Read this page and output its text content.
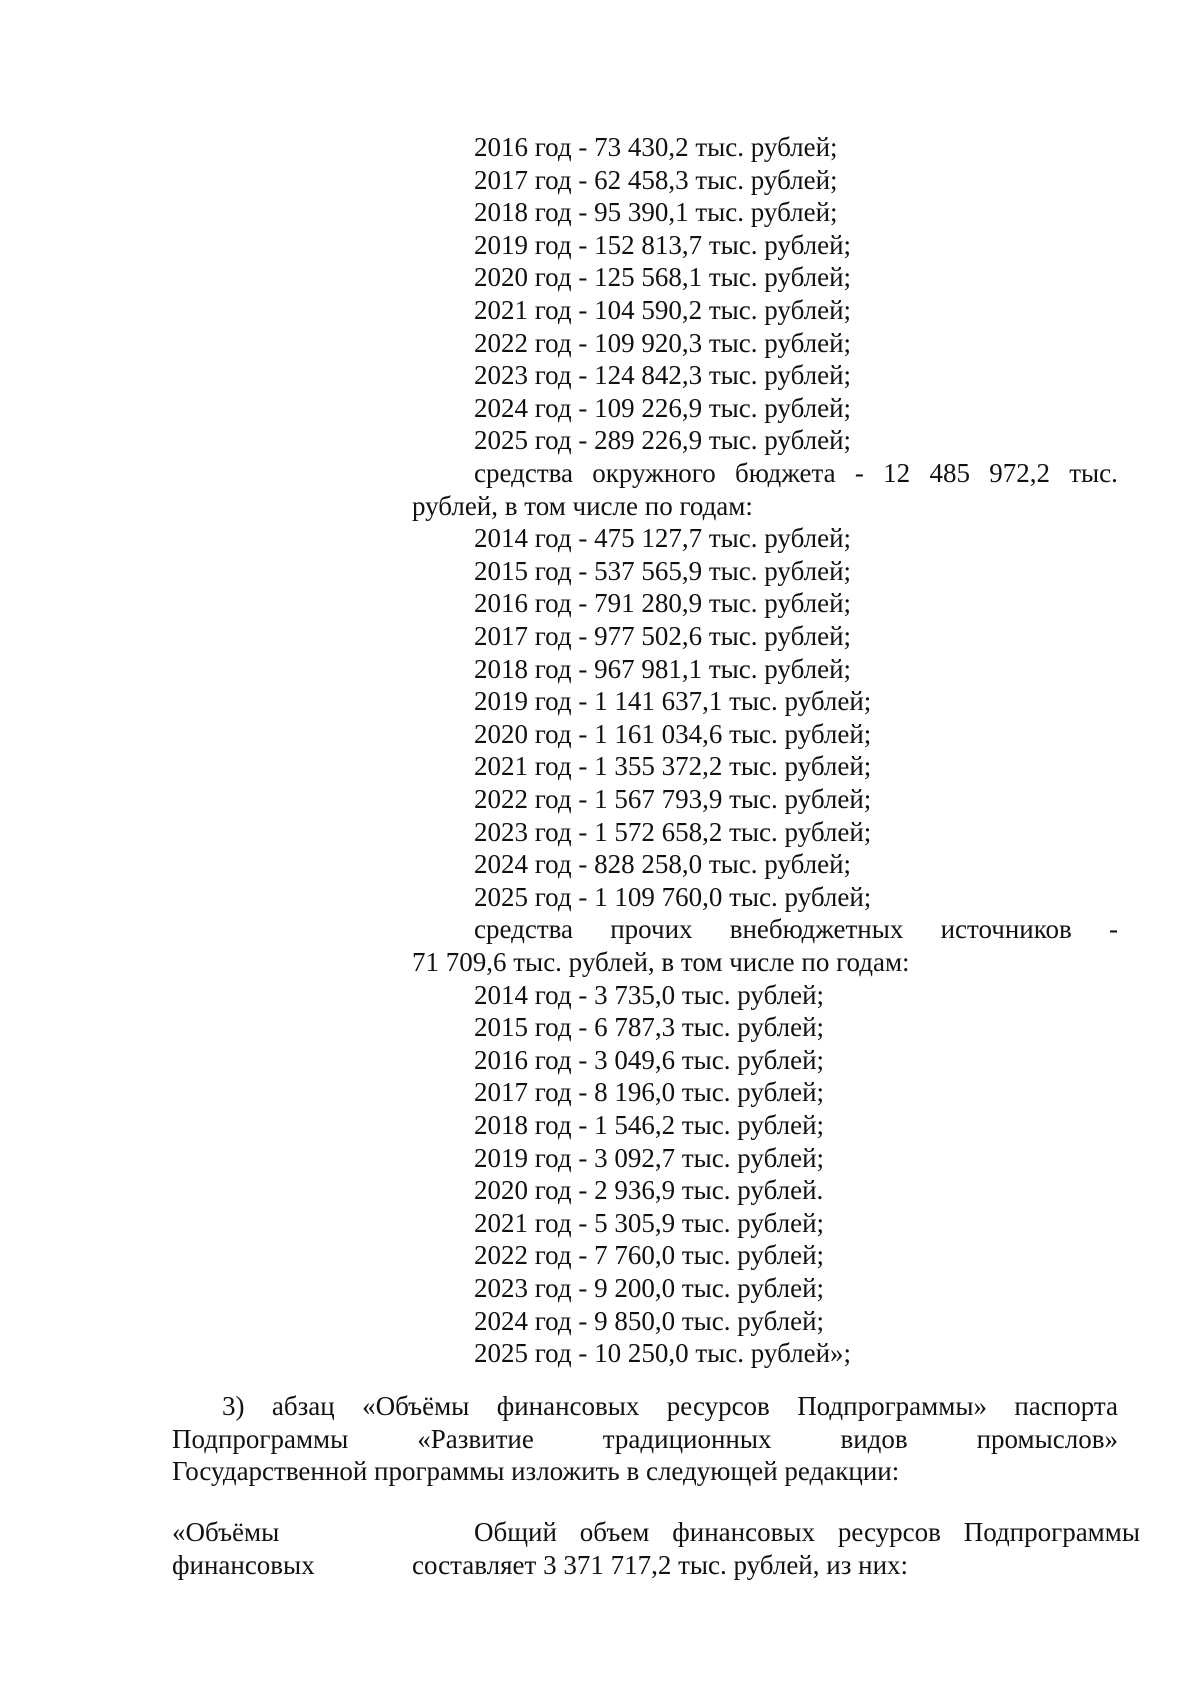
2016 год - 73 430,2 тыс. рублей;
2017 год - 62 458,3 тыс. рублей;
2018 год - 95 390,1 тыс. рублей;
2019 год - 152 813,7 тыс. рублей;
2020 год - 125 568,1 тыс. рублей;
2021 год - 104 590,2 тыс. рублей;
2022 год - 109 920,3 тыс. рублей;
2023 год - 124 842,3 тыс. рублей;
2024 год - 109 226,9 тыс. рублей;
2025 год - 289 226,9 тыс. рублей;
средства окружного бюджета - 12 485 972,2 тыс.
рублей, в том числе по годам:
2014 год - 475 127,7 тыс. рублей;
2015 год - 537 565,9 тыс. рублей;
2016 год - 791 280,9 тыс. рублей;
2017 год - 977 502,6 тыс. рублей;
2018 год - 967 981,1 тыс. рублей;
2019 год - 1 141 637,1 тыс. рублей;
2020 год - 1 161 034,6 тыс. рублей;
2021 год - 1 355 372,2 тыс. рублей;
2022 год - 1 567 793,9 тыс. рублей;
2023 год - 1 572 658,2 тыс. рублей;
2024 год - 828 258,0 тыс. рублей;
2025 год - 1 109 760,0 тыс. рублей;
средства прочих внебюджетных источников -
71 709,6 тыс. рублей, в том числе по годам:
2014 год - 3 735,0 тыс. рублей;
2015 год - 6 787,3 тыс. рублей;
2016 год - 3 049,6 тыс. рублей;
2017 год - 8 196,0 тыс. рублей;
2018 год - 1 546,2 тыс. рублей;
2019 год - 3 092,7 тыс. рублей;
2020 год - 2 936,9 тыс. рублей.
2021 год - 5 305,9 тыс. рублей;
2022 год - 7 760,0 тыс. рублей;
2023 год - 9 200,0 тыс. рублей;
2024 год - 9 850,0 тыс. рублей;
2025 год - 10 250,0 тыс. рублей»;
3) абзац «Объёмы финансовых ресурсов Подпрограммы» паспорта
Подпрограммы	«Развитие	традиционных	видов	промыслов»
Государственной программы изложить в следующей редакции:
«Объёмы	Общий объем финансовых ресурсов Подпрограммы
финансовых	составляет 3 371 717,2 тыс. рублей, из них:
